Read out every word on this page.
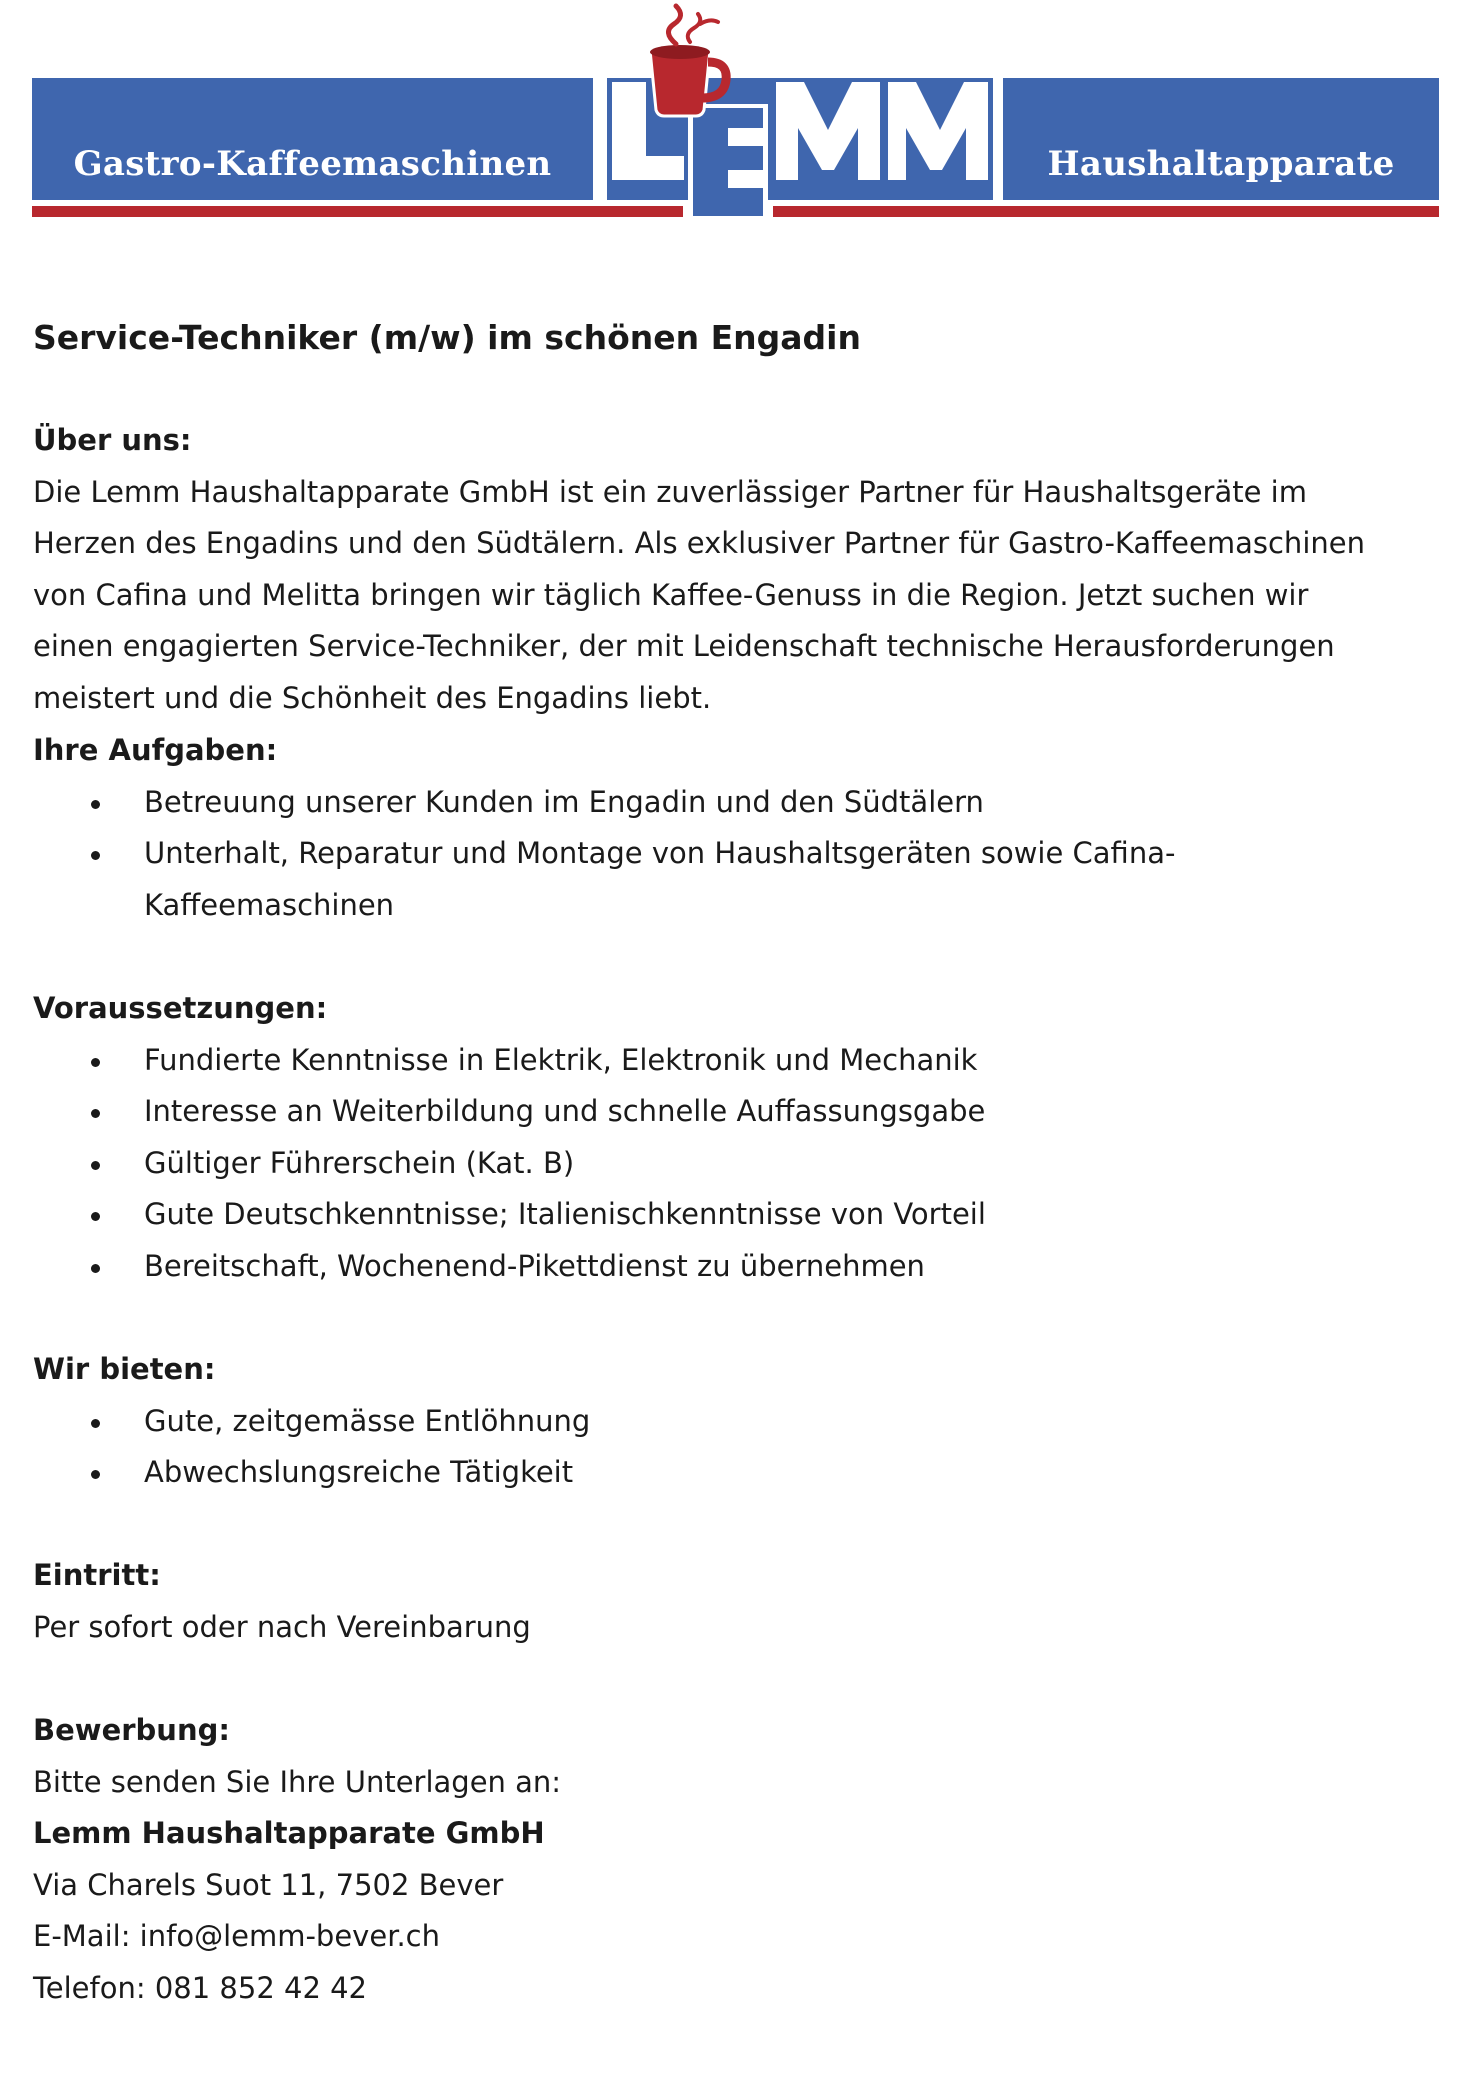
Gastro-Kaffeemaschinen	Haushaltapparate
Service-Techniker (m/w) im schönen Engadin
Über uns:
Die Lemm Haushaltapparate GmbH ist ein zuverlässiger Partner für Haushaltsgeräte im
Herzen des Engadins und den Südtälern. Als exklusiver Partner für Gastro-Kaffeemaschinen
von Cafina und Melitta bringen wir täglich Kaffee-Genuss in die Region. Jetzt suchen wir
einen engagierten Service-Techniker, der mit Leidenschaft technische Herausforderungen
meistert und die Schönheit des Engadins liebt.
Ihre Aufgaben:
Betreuung unserer Kunden im Engadin und den Südtälern
Unterhalt, Reparatur und Montage von Haushaltsgeräten sowie Cafina-
Kaffeemaschinen
Voraussetzungen:
Fundierte Kenntnisse in Elektrik, Elektronik und Mechanik
Interesse an Weiterbildung und schnelle Auffassungsgabe
Gültiger Führerschein (Kat. B)
Gute Deutschkenntnisse; Italienischkenntnisse von Vorteil
Bereitschaft, Wochenend-Pikettdienst zu übernehmen
Wir bieten:
Gute, zeitgemässe Entlöhnung
Abwechslungsreiche Tätigkeit
Eintritt:
Per sofort oder nach Vereinbarung
Bewerbung:
Bitte senden Sie Ihre Unterlagen an:
Lemm Haushaltapparate GmbH
Via Charels Suot 11, 7502 Bever
E-Mail: info@lemm-bever.ch
Telefon: 081 852 42 42
